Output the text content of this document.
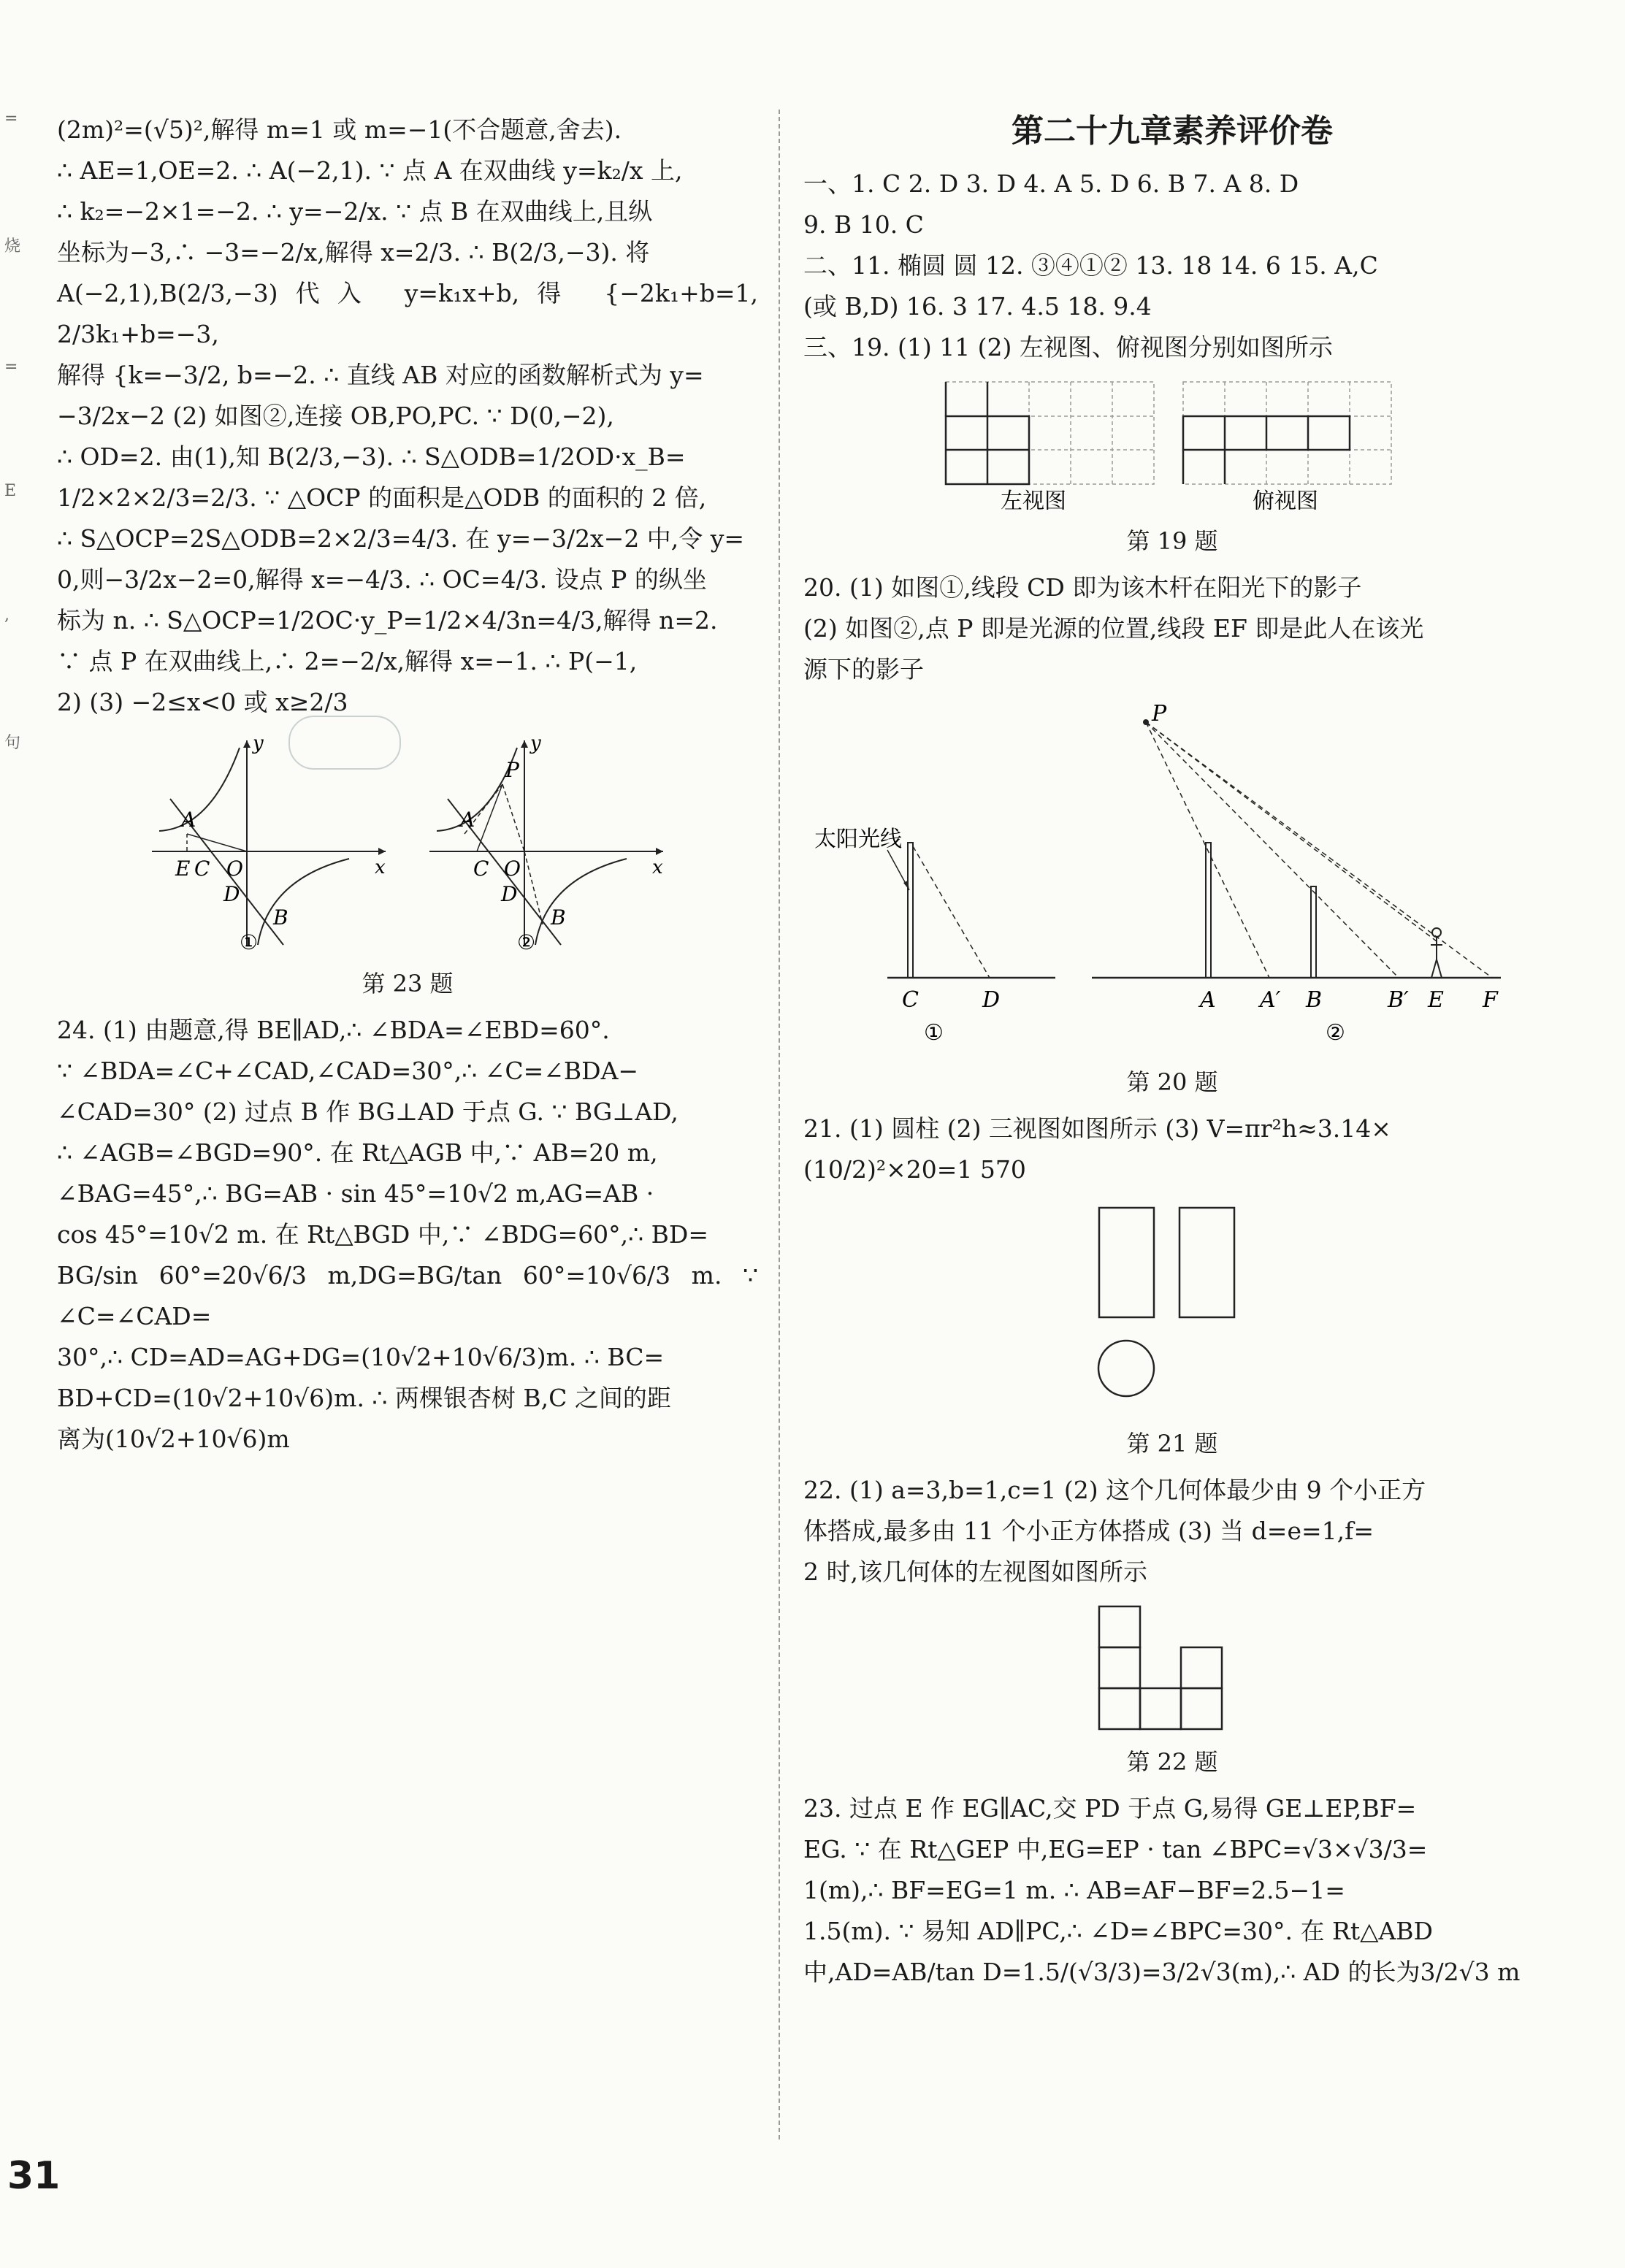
=
烧
=
E
,
句

(2m)²=(√5)²,解得 m=1 或 m=−1(不合题意,舍去).

∴ AE=1,OE=2. ∴ A(−2,1). ∵ 点 A 在双曲线 y=k₂/x 上,

∴ k₂=−2×1=−2. ∴ y=−2/x. ∵ 点 B 在双曲线上,且纵

坐标为−3,∴ −3=−2/x,解得 x=2/3. ∴ B(2/3,−3). 将

A(−2,1),B(2/3,−3)代入 y=k₁x+b,得 {−2k₁+b=1, 2/3k₁+b=−3,

解得 {k=−3/2, b=−2. ∴ 直线 AB 对应的函数解析式为 y=

−3/2x−2 (2) 如图②,连接 OB,PO,PC. ∵ D(0,−2),

∴ OD=2. 由(1),知 B(2/3,−3). ∴ S△ODB=1/2OD·x_B=

1/2×2×2/3=2/3. ∵ △OCP 的面积是△ODB 的面积的 2 倍,

∴ S△OCP=2S△ODB=2×2/3=4/3. 在 y=−3/2x−2 中,令 y=

0,则−3/2x−2=0,解得 x=−4/3. ∴ OC=4/3. 设点 P 的纵坐

标为 n. ∴ S△OCP=1/2OC·y_P=1/2×4/3n=4/3,解得 n=2.

∵ 点 P 在双曲线上,∴ 2=−2/x,解得 x=−1. ∴ P(−1,

2) (3) −2≤x<0 或 x≥2/3

y
x
A
E C O
D
B
①
y
x
A
P
C O
D
B
②
第 23 题

24. (1) 由题意,得 BE∥AD,∴ ∠BDA=∠EBD=60°.

∵ ∠BDA=∠C+∠CAD,∠CAD=30°,∴ ∠C=∠BDA−

∠CAD=30° (2) 过点 B 作 BG⊥AD 于点 G. ∵ BG⊥AD,

∴ ∠AGB=∠BGD=90°. 在 Rt△AGB 中,∵ AB=20 m,

∠BAG=45°,∴ BG=AB · sin 45°=10√2 m,AG=AB ·

cos 45°=10√2 m. 在 Rt△BGD 中,∵ ∠BDG=60°,∴ BD=

BG/sin 60°=20√6/3 m,DG=BG/tan 60°=10√6/3 m. ∵ ∠C=∠CAD=

30°,∴ CD=AD=AG+DG=(10√2+10√6/3)m. ∴ BC=

BD+CD=(10√2+10√6)m. ∴ 两棵银杏树 B,C 之间的距

离为(10√2+10√6)m

第二十九章素养评价卷

一、1. C 2. D 3. D 4. A 5. D 6. B 7. A 8. D

9. B 10. C

二、11. 椭圆 圆 12. ③④①② 13. 18 14. 6 15. A,C

(或 B,D) 16. 3 17. 4.5 18. 9.4

三、19. (1) 11 (2) 左视图、俯视图分别如图所示

左视图	俯视图
第 19 题

20. (1) 如图①,线段 CD 即为该木杆在阳光下的影子

(2) 如图②,点 P 即是光源的位置,线段 EF 即是此人在该光

源下的影子

太阳光线
C	D
①
P
A A′ B	B′ E F
②
第 20 题

21. (1) 圆柱 (2) 三视图如图所示 (3) V=πr²h≈3.14×

(10/2)²×20=1 570

第 21 题

22. (1) a=3,b=1,c=1 (2) 这个几何体最少由 9 个小正方

体搭成,最多由 11 个小正方体搭成 (3) 当 d=e=1,f=

2 时,该几何体的左视图如图所示

第 22 题

23. 过点 E 作 EG∥AC,交 PD 于点 G,易得 GE⊥EP,BF=

EG. ∵ 在 Rt△GEP 中,EG=EP · tan ∠BPC=√3×√3/3=

1(m),∴ BF=EG=1 m. ∴ AB=AF−BF=2.5−1=

1.5(m). ∵ 易知 AD∥PC,∴ ∠D=∠BPC=30°. 在 Rt△ABD

中,AD=AB/tan D=1.5/(√3/3)=3/2√3(m),∴ AD 的长为3/2√3 m

31
